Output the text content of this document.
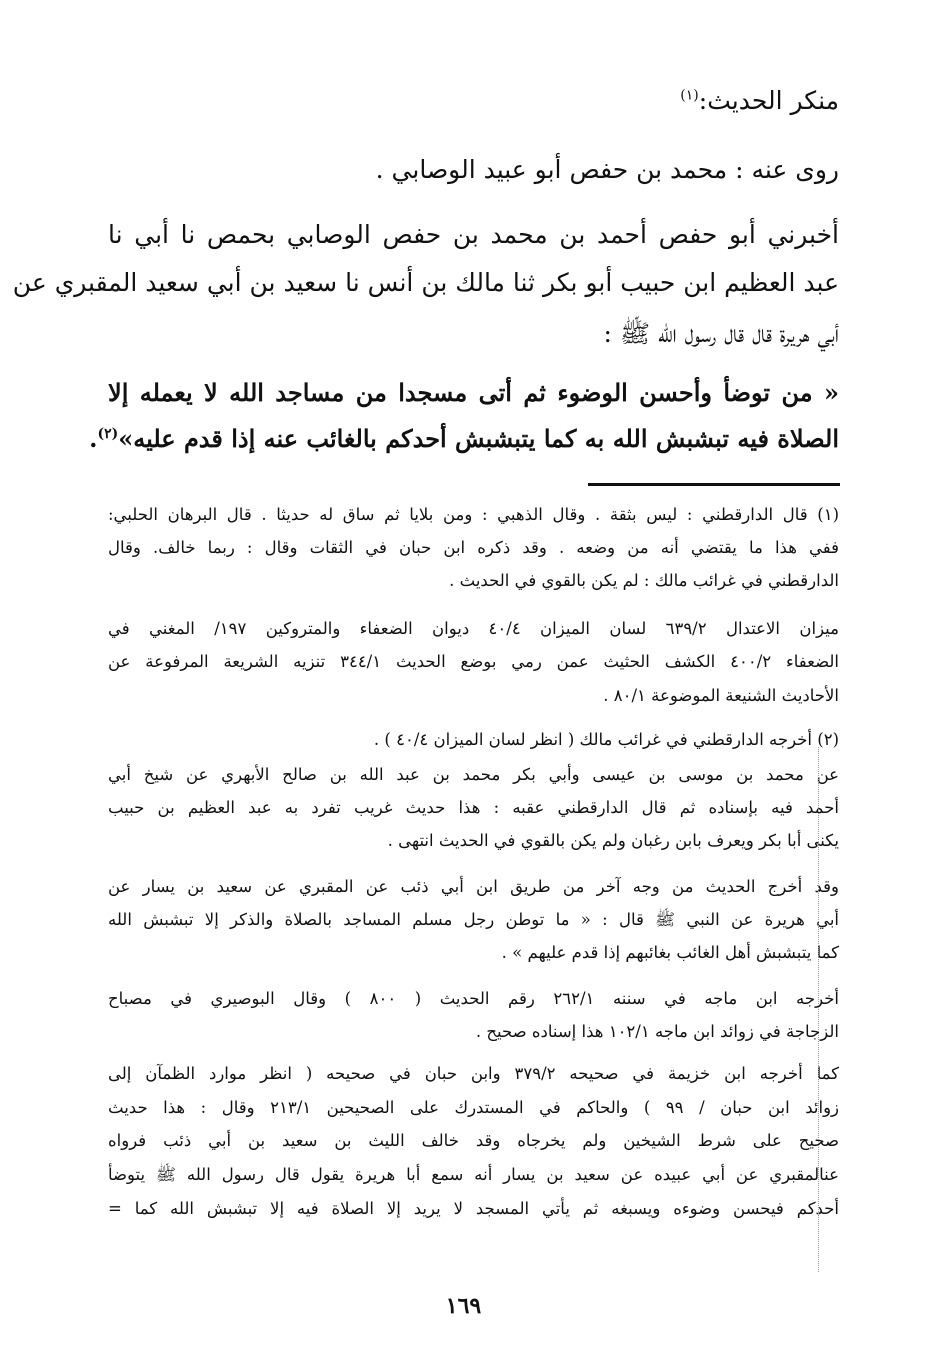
منكر الحديث:$^{(١)}$
روى عنه : محمد بن حفص أبو عبيد الوصابي .
أخبرني أبو حفص أحمد بن محمد بن حفص الوصابي بحمص نا أبي نا
عبد العظيم ابن حبيب أبو بكر ثنا مالك بن أنس نا سعيد بن أبي سعيد المقبري عن
أبي هريرة قال قال رسول الله ﷺ :
« من توضأ وأحسن الوضوء ثم أتى مسجدا من مساجد الله لا يعمله إلا
الصلاة فيه تبشبش الله به كما يتبشبش أحدكم بالغائب عنه إذا قدم عليه»$^{(٢)}$.
(١) قال الدارقطني : ليس بثقة . وقال الذهبي : ومن بلايا ثم ساق له حديثا . قال البرهان الحلبي:
ففي هذا ما يقتضي أنه من وضعه . وقد ذكره ابن حبان في الثقات وقال : ربما خالف. وقال
الدارقطني في غرائب مالك : لم يكن بالقوي في الحديث .
ميزان الاعتدال ٦٣٩/٢ لسان الميزان ٤٠/٤ ديوان الضعفاء والمتروكين ١٩٧/ المغني في
الضعفاء ٤٠٠/٢ الكشف الحثيث عمن رمي بوضع الحديث ٣٤٤/١ تنزيه الشريعة المرفوعة عن
الأحاديث الشنيعة الموضوعة ٨٠/١ .
(٢) أخرجه الدارقطني في غرائب مالك ( انظر لسان الميزان ٤٠/٤ ) .
عن محمد بن موسى بن عيسى وأبي بكر محمد بن عبد الله بن صالح الأبهري عن شيخ أبي
أحمد فيه بإسناده ثم قال الدارقطني عقبه : هذا حديث غريب تفرد به عبد العظيم بن حبيب
يكنى أبا بكر ويعرف بابن رغبان ولم يكن بالقوي في الحديث انتهى .
وقد أخرج الحديث من وجه آخر من طريق ابن أبي ذئب عن المقبري عن سعيد بن يسار عن
أبي هريرة عن النبي ﷺ قال : « ما توطن رجل مسلم المساجد بالصلاة والذكر إلا تبشبش الله
كما يتبشبش أهل الغائب بغائبهم إذا قدم عليهم » .
أخرجه ابن ماجه في سننه ٢٦٢/١ رقم الحديث ( ٨٠٠ ) وقال البوصيري في مصباح
الزجاجة في زوائد ابن ماجه ١٠٢/١ هذا إسناده صحيح .
كما أخرجه ابن خزيمة في صحيحه ٣٧٩/٢ وابن حبان في صحيحه ( انظر موارد الظمآن إلى
زوائد ابن حبان / ٩٩ ) والحاكم في المستدرك على الصحيحين ٢١٣/١ وقال : هذا حديث
صحيح على شرط الشيخين ولم يخرجاه وقد خالف الليث بن سعيد بن أبي ذئب فرواه
عنالمقبري عن أبي عبيده عن سعيد بن يسار أنه سمع أبا هريرة يقول قال رسول الله ﷺ يتوضأ
أحدكم فيحسن وضوءه ويسبغه ثم يأتي المسجد لا يريد إلا الصلاة فيه إلا تبشبش الله كما =
١٦٩
